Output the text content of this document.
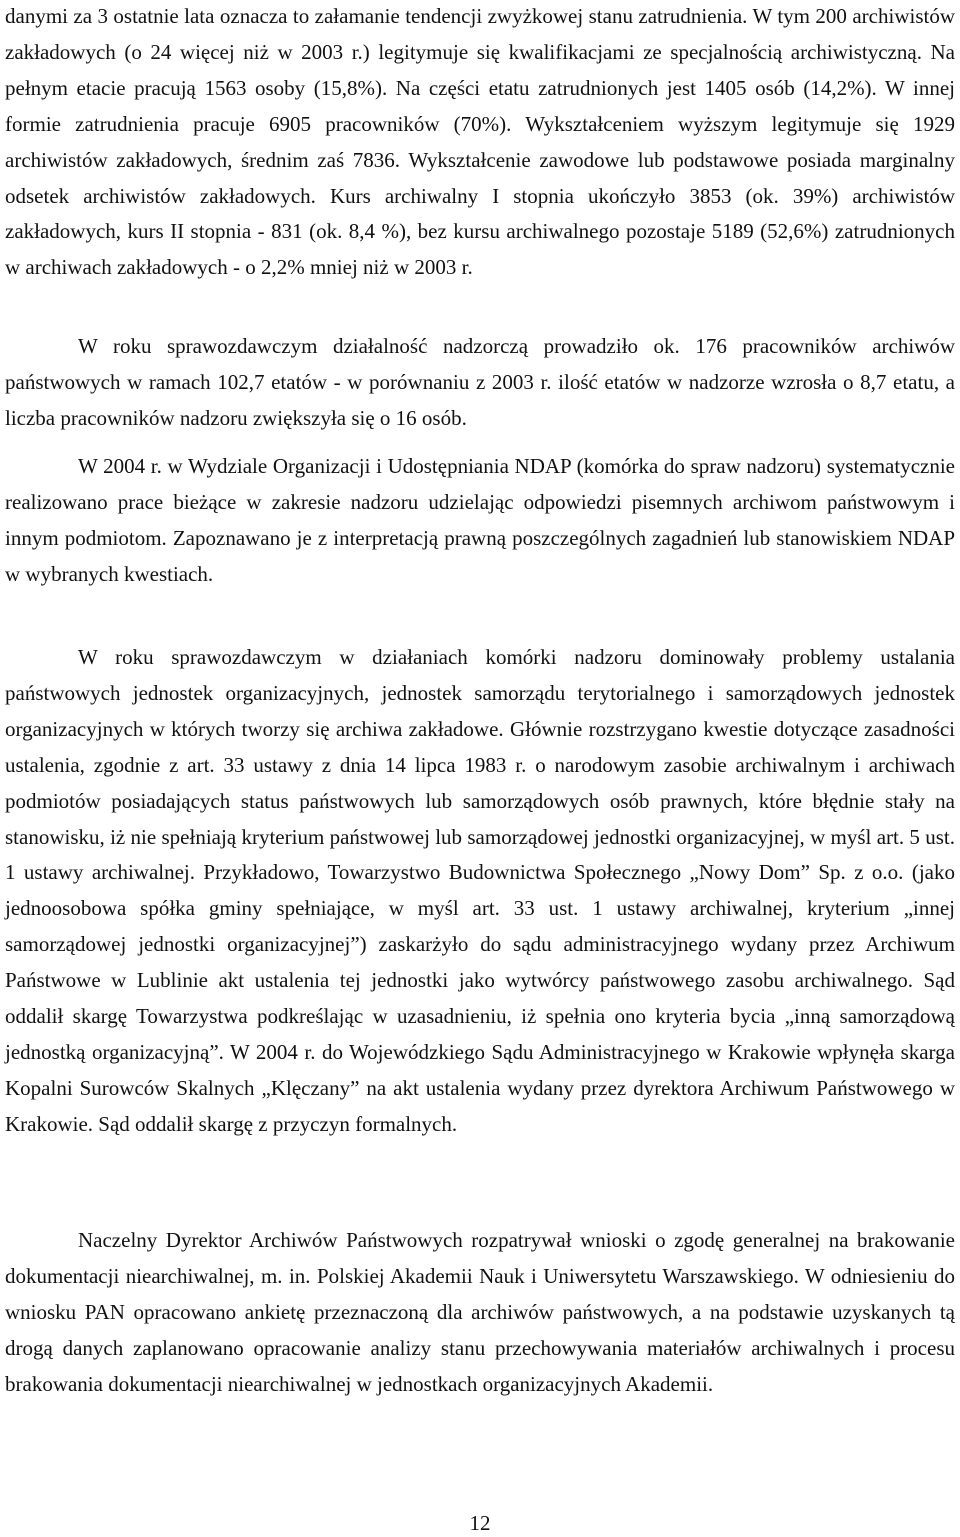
danymi za 3 ostatnie lata oznacza to załamanie tendencji zwyżkowej stanu zatrudnienia. W tym 200 archiwistów zakładowych (o 24 więcej niż w 2003 r.) legitymuje się kwalifikacjami ze specjalnością archiwistyczną. Na pełnym etacie pracują 1563 osoby (15,8%). Na części etatu zatrudnionych jest 1405 osób (14,2%). W innej formie zatrudnienia pracuje 6905 pracowników (70%). Wykształceniem wyższym legitymuje się 1929 archiwistów zakładowych, średnim zaś 7836. Wykształcenie zawodowe lub podstawowe posiada marginalny odsetek archiwistów zakładowych. Kurs archiwalny I stopnia ukończyło 3853 (ok. 39%) archiwistów zakładowych, kurs II stopnia - 831 (ok. 8,4 %), bez kursu archiwalnego pozostaje 5189 (52,6%) zatrudnionych w archiwach zakładowych - o 2,2% mniej niż w 2003 r.

W roku sprawozdawczym działalność nadzorczą prowadziło ok. 176 pracowników archiwów państwowych w ramach 102,7 etatów - w porównaniu z 2003 r. ilość etatów w nadzorze wzrosła o 8,7 etatu, a liczba pracowników nadzoru zwiększyła się o 16 osób.

W 2004 r. w Wydziale Organizacji i Udostępniania NDAP (komórka do spraw nadzoru) systematycznie realizowano prace bieżące w zakresie nadzoru udzielając odpowiedzi pisemnych archiwom państwowym i innym podmiotom. Zapoznawano je z interpretacją prawną poszczególnych zagadnień lub stanowiskiem NDAP w wybranych kwestiach.

W roku sprawozdawczym w działaniach komórki nadzoru dominowały problemy ustalania państwowych jednostek organizacyjnych, jednostek samorządu terytorialnego i samorządowych jednostek organizacyjnych w których tworzy się archiwa zakładowe. Głównie rozstrzygano kwestie dotyczące zasadności ustalenia, zgodnie z art. 33 ustawy z dnia 14 lipca 1983 r. o narodowym zasobie archiwalnym i archiwach podmiotów posiadających status państwowych lub samorządowych osób prawnych, które błędnie stały na stanowisku, iż nie spełniają kryterium państwowej lub samorządowej jednostki organizacyjnej, w myśl art. 5 ust. 1 ustawy archiwalnej. Przykładowo, Towarzystwo Budownictwa Społecznego „Nowy Dom” Sp. z o.o. (jako jednoosobowa spółka gminy spełniające, w myśl art. 33 ust. 1 ustawy archiwalnej, kryterium „innej samorządowej jednostki organizacyjnej”) zaskarżyło do sądu administracyjnego wydany przez Archiwum Państwowe w Lublinie akt ustalenia tej jednostki jako wytwórcy państwowego zasobu archiwalnego. Sąd oddalił skargę Towarzystwa podkreślając w uzasadnieniu, iż spełnia ono kryteria bycia „inną samorządową jednostką organizacyjną”. W 2004 r. do Wojewódzkiego Sądu Administracyjnego w Krakowie wpłynęła skarga Kopalni Surowców Skalnych „Klęczany” na akt ustalenia wydany przez dyrektora Archiwum Państwowego w Krakowie. Sąd oddalił skargę z przyczyn formalnych.

Naczelny Dyrektor Archiwów Państwowych rozpatrywał wnioski o zgodę generalnej na brakowanie dokumentacji niearchiwalnej, m. in. Polskiej Akademii Nauk i Uniwersytetu Warszawskiego. W odniesieniu do wniosku PAN opracowano ankietę przeznaczoną dla archiwów państwowych, a na podstawie uzyskanych tą drogą danych zaplanowano opracowanie analizy stanu przechowywania materiałów archiwalnych i procesu brakowania dokumentacji niearchiwalnej w jednostkach organizacyjnych Akademii.

12
